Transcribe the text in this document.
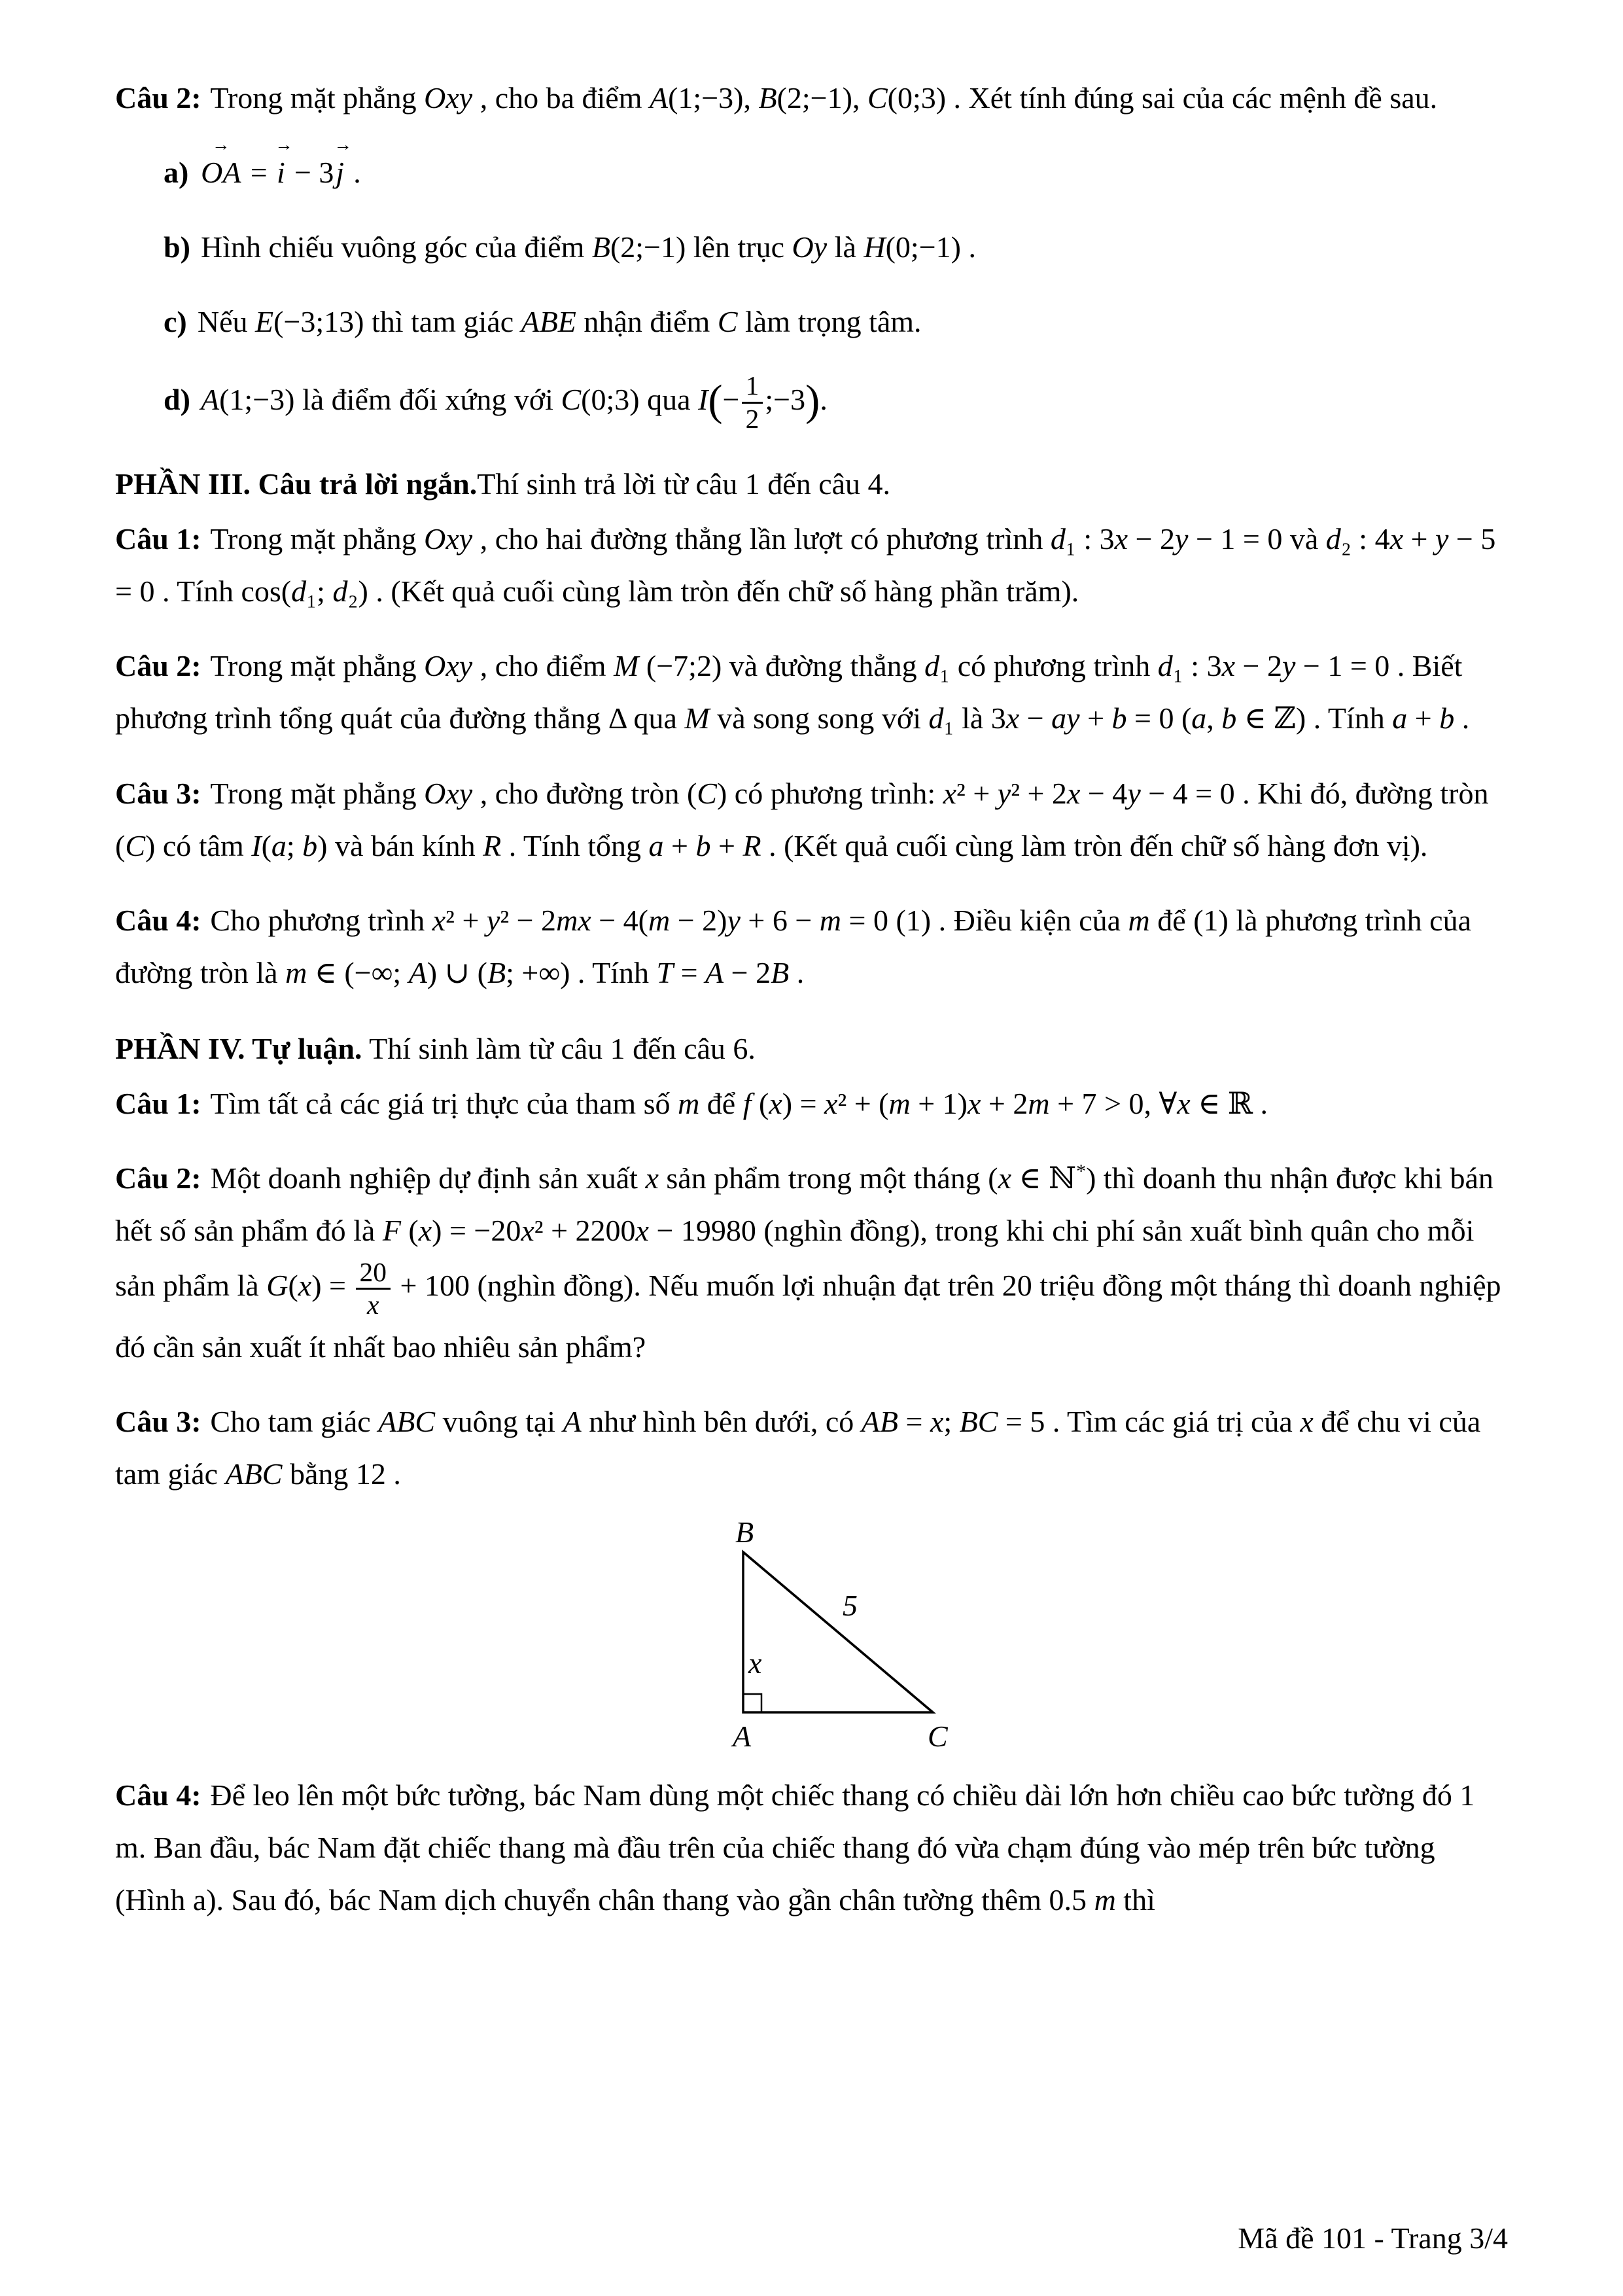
Câu 2: Trong mặt phẳng Oxy , cho ba điểm A(1;−3), B(2;−1), C(0;3) . Xét tính đúng sai của các mệnh đề sau.

a) OA → = i → − 3j → .

b) Hình chiếu vuông góc của điểm B(2;−1) lên trục Oy là H(0;−1) .

c) Nếu E(−3;13) thì tam giác ABE nhận điểm C làm trọng tâm.

d) A(1;−3) là điểm đối xứng với C(0;3) qua $I(- \frac{1}{2}$ ;−3).

PHẦN III. Câu trả lời ngắn.Thí sinh trả lời từ câu 1 đến câu 4.

Câu 1: Trong mặt phẳng Oxy , cho hai đường thẳng lần lượt có phương trình d₁ : 3x − 2y − 1 = 0 và d₂ : 4x + y − 5 = 0 . Tính cos(d₁; d₂) . (Kết quả cuối cùng làm tròn đến chữ số hàng phần trăm).

Câu 2: Trong mặt phẳng Oxy , cho điểm M (−7;2) và đường thẳng d₁ có phương trình d₁ : 3x − 2y − 1 = 0 . Biết phương trình tổng quát của đường thẳng Δ qua M và song song với d₁ là 3x − ay + b = 0 (a, b ∈ ℤ) . Tính a + b .

Câu 3: Trong mặt phẳng Oxy , cho đường tròn (C) có phương trình: x² + y² + 2x − 4y − 4 = 0 . Khi đó, đường tròn (C) có tâm I(a; b) và bán kính R . Tính tổng a + b + R . (Kết quả cuối cùng làm tròn đến chữ số hàng đơn vị).

Câu 4: Cho phương trình x² + y² − 2mx − 4(m − 2)y + 6 − m = 0 (1) . Điều kiện của m để (1) là phương trình của đường tròn là m ∈ (−∞; A) ∪ (B; +∞) . Tính T = A − 2B .

PHẦN IV. Tự luận. Thí sinh làm từ câu 1 đến câu 6.

Câu 1: Tìm tất cả các giá trị thực của tham số m để f (x) = x² + (m + 1)x + 2m + 7 > 0, ∀x ∈ ℝ .

Câu 2: Một doanh nghiệp dự định sản xuất x sản phẩm trong một tháng (x ∈ ℕ*) thì doanh thu nhận được khi bán hết số sản phẩm đó là F (x) = −20x² + 2200x − 19980 (nghìn đồng), trong khi chi phí sản xuất bình quân cho mỗi sản phẩm là $G(x) = \frac{20}{x} + 100$ (nghìn đồng). Nếu muốn lợi nhuận đạt trên 20 triệu đồng một tháng thì doanh nghiệp đó cần sản xuất ít nhất bao nhiêu sản phẩm?

Câu 3: Cho tam giác ABC vuông tại A như hình bên dưới, có AB = x; BC = 5 . Tìm các giá trị của x để chu vi của tam giác ABC bằng 12 .

B
A	C
x
5

Câu 4: Để leo lên một bức tường, bác Nam dùng một chiếc thang có chiều dài lớn hơn chiều cao bức tường đó 1 m. Ban đầu, bác Nam đặt chiếc thang mà đầu trên của chiếc thang đó vừa chạm đúng vào mép trên bức tường (Hình a). Sau đó, bác Nam dịch chuyển chân thang vào gần chân tường thêm 0.5 m thì

Mã đề 101 - Trang 3/4
